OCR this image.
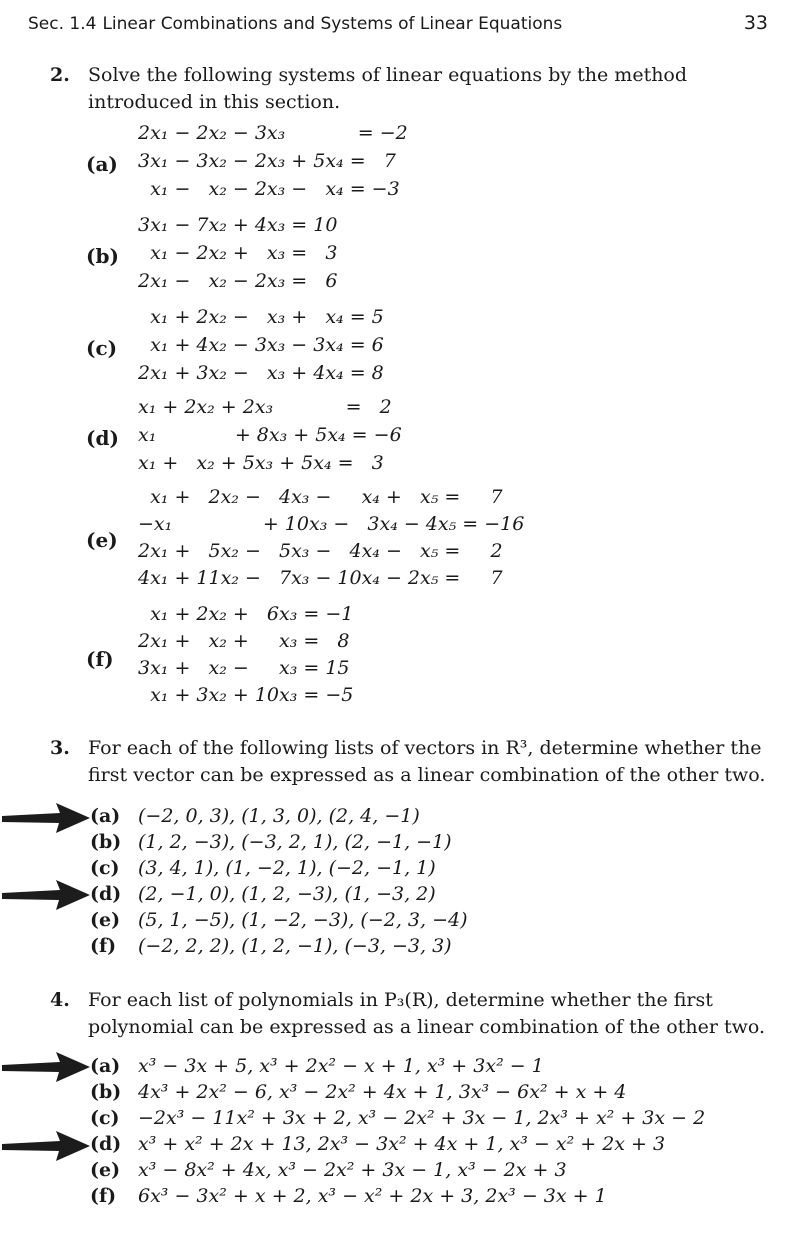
Sec. 1.4 Linear Combinations and Systems of Linear Equations	33
2. Solve the following systems of linear equations by the method introduced in this section.
(a)
2x₁ − 2x₂ − 3x₃            = −2
3x₁ − 3x₂ − 2x₃ + 5x₄ =   7
x₁ −   x₂ − 2x₃ −   x₄ = −3
(b)
3x₁ − 7x₂ + 4x₃ = 10
x₁ − 2x₂ +   x₃ =   3
2x₁ −   x₂ − 2x₃ =   6
(c)
x₁ + 2x₂ −   x₃ +   x₄ = 5
x₁ + 4x₂ − 3x₃ − 3x₄ = 6
2x₁ + 3x₂ −   x₃ + 4x₄ = 8
(d)
x₁ + 2x₂ + 2x₃            =   2
x₁             + 8x₃ + 5x₄ = −6
x₁ +   x₂ + 5x₃ + 5x₄ =   3
(e)
x₁ +   2x₂ −   4x₃ −     x₄ +   x₅ =     7
−x₁               + 10x₃ −   3x₄ − 4x₅ = −16
2x₁ +   5x₂ −   5x₃ −   4x₄ −   x₅ =     2
4x₁ + 11x₂ −   7x₃ − 10x₄ − 2x₅ =     7
(f)
x₁ + 2x₂ +   6x₃ = −1
2x₁ +   x₂ +     x₃ =   8
3x₁ +   x₂ −     x₃ = 15
x₁ + 3x₂ + 10x₃ = −5
3. For each of the following lists of vectors in R³, determine whether the first vector can be expressed as a linear combination of the other two.
(a) (−2, 0, 3), (1, 3, 0), (2, 4, −1)
(b) (1, 2, −3), (−3, 2, 1), (2, −1, −1)
(c) (3, 4, 1), (1, −2, 1), (−2, −1, 1)
(d) (2, −1, 0), (1, 2, −3), (1, −3, 2)
(e) (5, 1, −5), (1, −2, −3), (−2, 3, −4)
(f) (−2, 2, 2), (1, 2, −1), (−3, −3, 3)
4. For each list of polynomials in P₃(R), determine whether the first polynomial can be expressed as a linear combination of the other two.
(a) x³ − 3x + 5, x³ + 2x² − x + 1, x³ + 3x² − 1
(b) 4x³ + 2x² − 6, x³ − 2x² + 4x + 1, 3x³ − 6x² + x + 4
(c) −2x³ − 11x² + 3x + 2, x³ − 2x² + 3x − 1, 2x³ + x² + 3x − 2
(d) x³ + x² + 2x + 13, 2x³ − 3x² + 4x + 1, x³ − x² + 2x + 3
(e) x³ − 8x² + 4x, x³ − 2x² + 3x − 1, x³ − 2x + 3
(f) 6x³ − 3x² + x + 2, x³ − x² + 2x + 3, 2x³ − 3x + 1
